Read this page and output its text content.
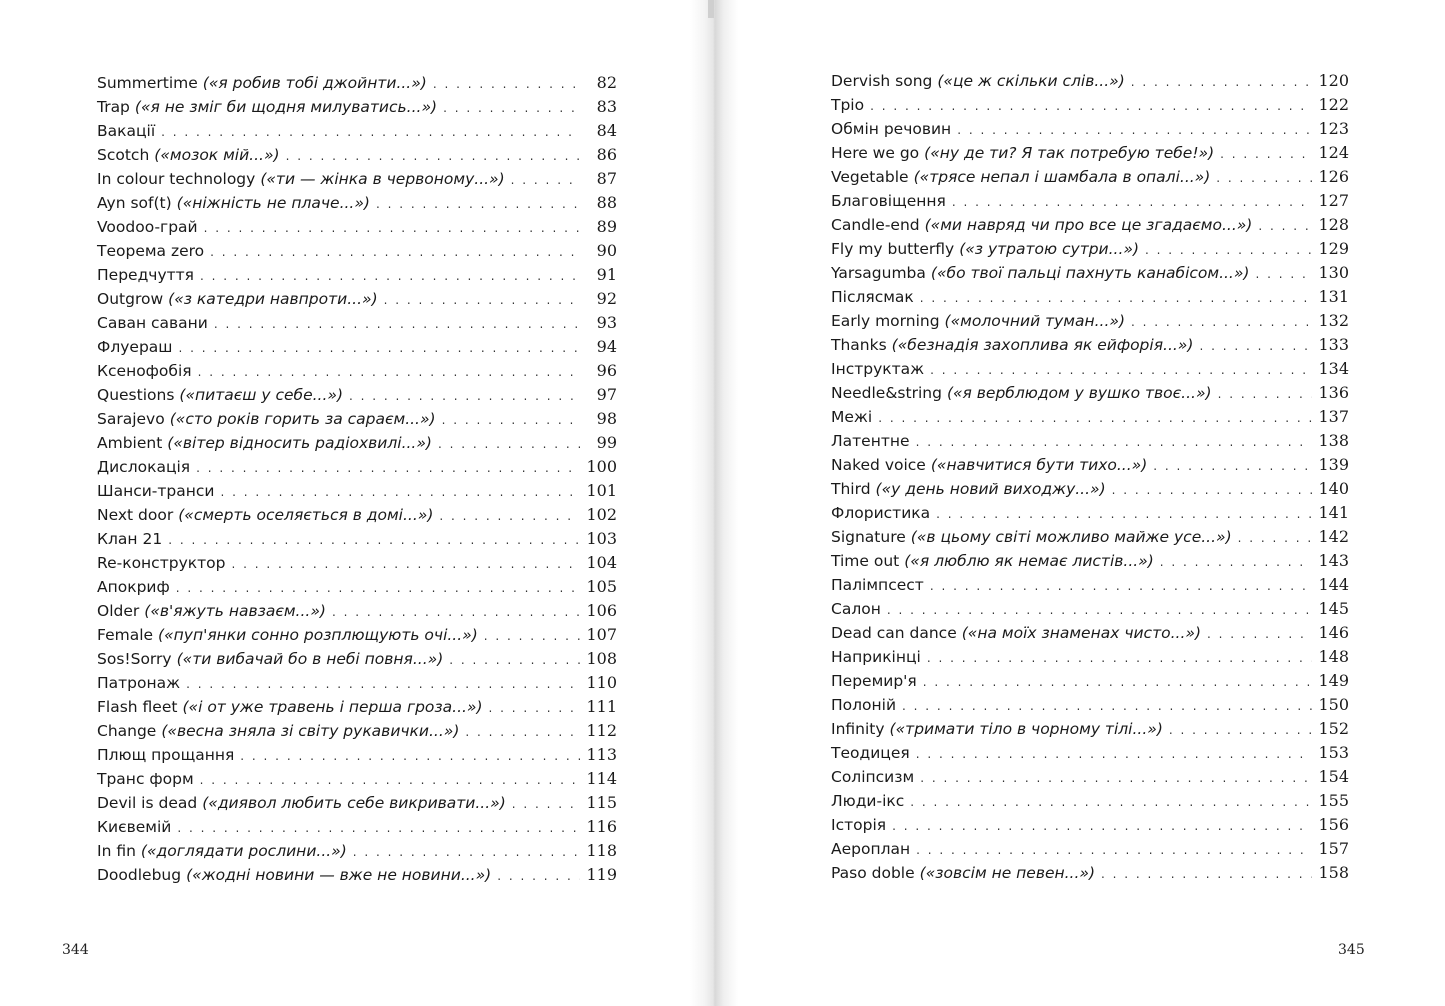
Summertime («я робив тобі джойнти...») . . .	82
Trap («я не зміг би щодня милуватись...») . . .	83
Вакації . . .	84
Scotch («мозок мій...») . . .	86
In colour technology («ти — жінка в червоному...») . . .	87
Ayn sof(t) («ніжність не плаче...») . . .	88
Voodoo-грай . . .	89
Теорема zero . . .	90
Передчуття . . .	91
Outgrow («з катедри навпроти...») . . .	92
Саван савани . . .	93
Флуераш . . .	94
Ксенофобія . . .	96
Questions («питаєш у себе...») . . .	97
Sarajevo («сто років горить за сараєм...») . . .	98
Ambient («вітер відносить радіохвилі...») . . .	99
Дислокація . . .	100
Шанси-транси . . .	101
Next door («смерть оселяється в домі...») . . .	102
Клан 21 . . .	103
Re-конструктор . . .	104
Апокриф . . .	105
Older («в'яжуть навзаєм...») . . .	106
Female («пуп'янки сонно розплющують очі...») . . .	107
Sos!Sorry («ти вибачай бо в небі повня...») . . .	108
Патронаж . . .	110
Flash fleet («і от уже травень і перша гроза...») . . .	111
Change («весна зняла зі світу рукавички...») . . .	112
Плющ прощання . . .	113
Транс форм . . .	114
Devil is dead («диявол любить себе викривати...») . . .	115
Києвемій . . .	116
In fin («доглядати рослини...») . . .	118
Doodlebug («жодні новини — вже не новини...») . . .	119
Dervish song («це ж скільки слів...») . . .	120
Тріо . . .	122
Обмін речовин . . .	123
Here we go («ну де ти? Я так потребую тебе!») . . .	124
Vegetable («трясе непал і шамбала в опалі...») . . .	126
Благовіщення . . .	127
Candle-end («ми навряд чи про все це згадаємо...») . . .	128
Fly my butterfly («з утратою сутри...») . . .	129
Yarsagumba («бо твої пальці пахнуть канабісом...») . . .	130
Післясмак . . .	131
Early morning («молочний туман...») . . .	132
Thanks («безнадія захоплива як ейфорія...») . . .	133
Інструктаж . . .	134
Needle&string («я верблюдом у вушко твоє...») . . .	136
Межі . . .	137
Латентне . . .	138
Naked voice («навчитися бути тихо...») . . .	139
Third («у день новий виходжу...») . . .	140
Флористика . . .	141
Signature («в цьому світі можливо майже усе...») . . .	142
Time out («я люблю як немає листів...») . . .	143
Палімпсест . . .	144
Салон . . .	145
Dead can dance («на моїх знаменах чисто...») . . .	146
Наприкінці . . .	148
Перемир'я . . .	149
Полоній . . .	150
Infinity («тримати тіло в чорному тілі...») . . .	152
Теодицея . . .	153
Соліпсизм . . .	154
Люди-ікс . . .	155
Історія . . .	156
Аероплан . . .	157
Paso doble («зовсім не певен...») . . .	158
344	345
